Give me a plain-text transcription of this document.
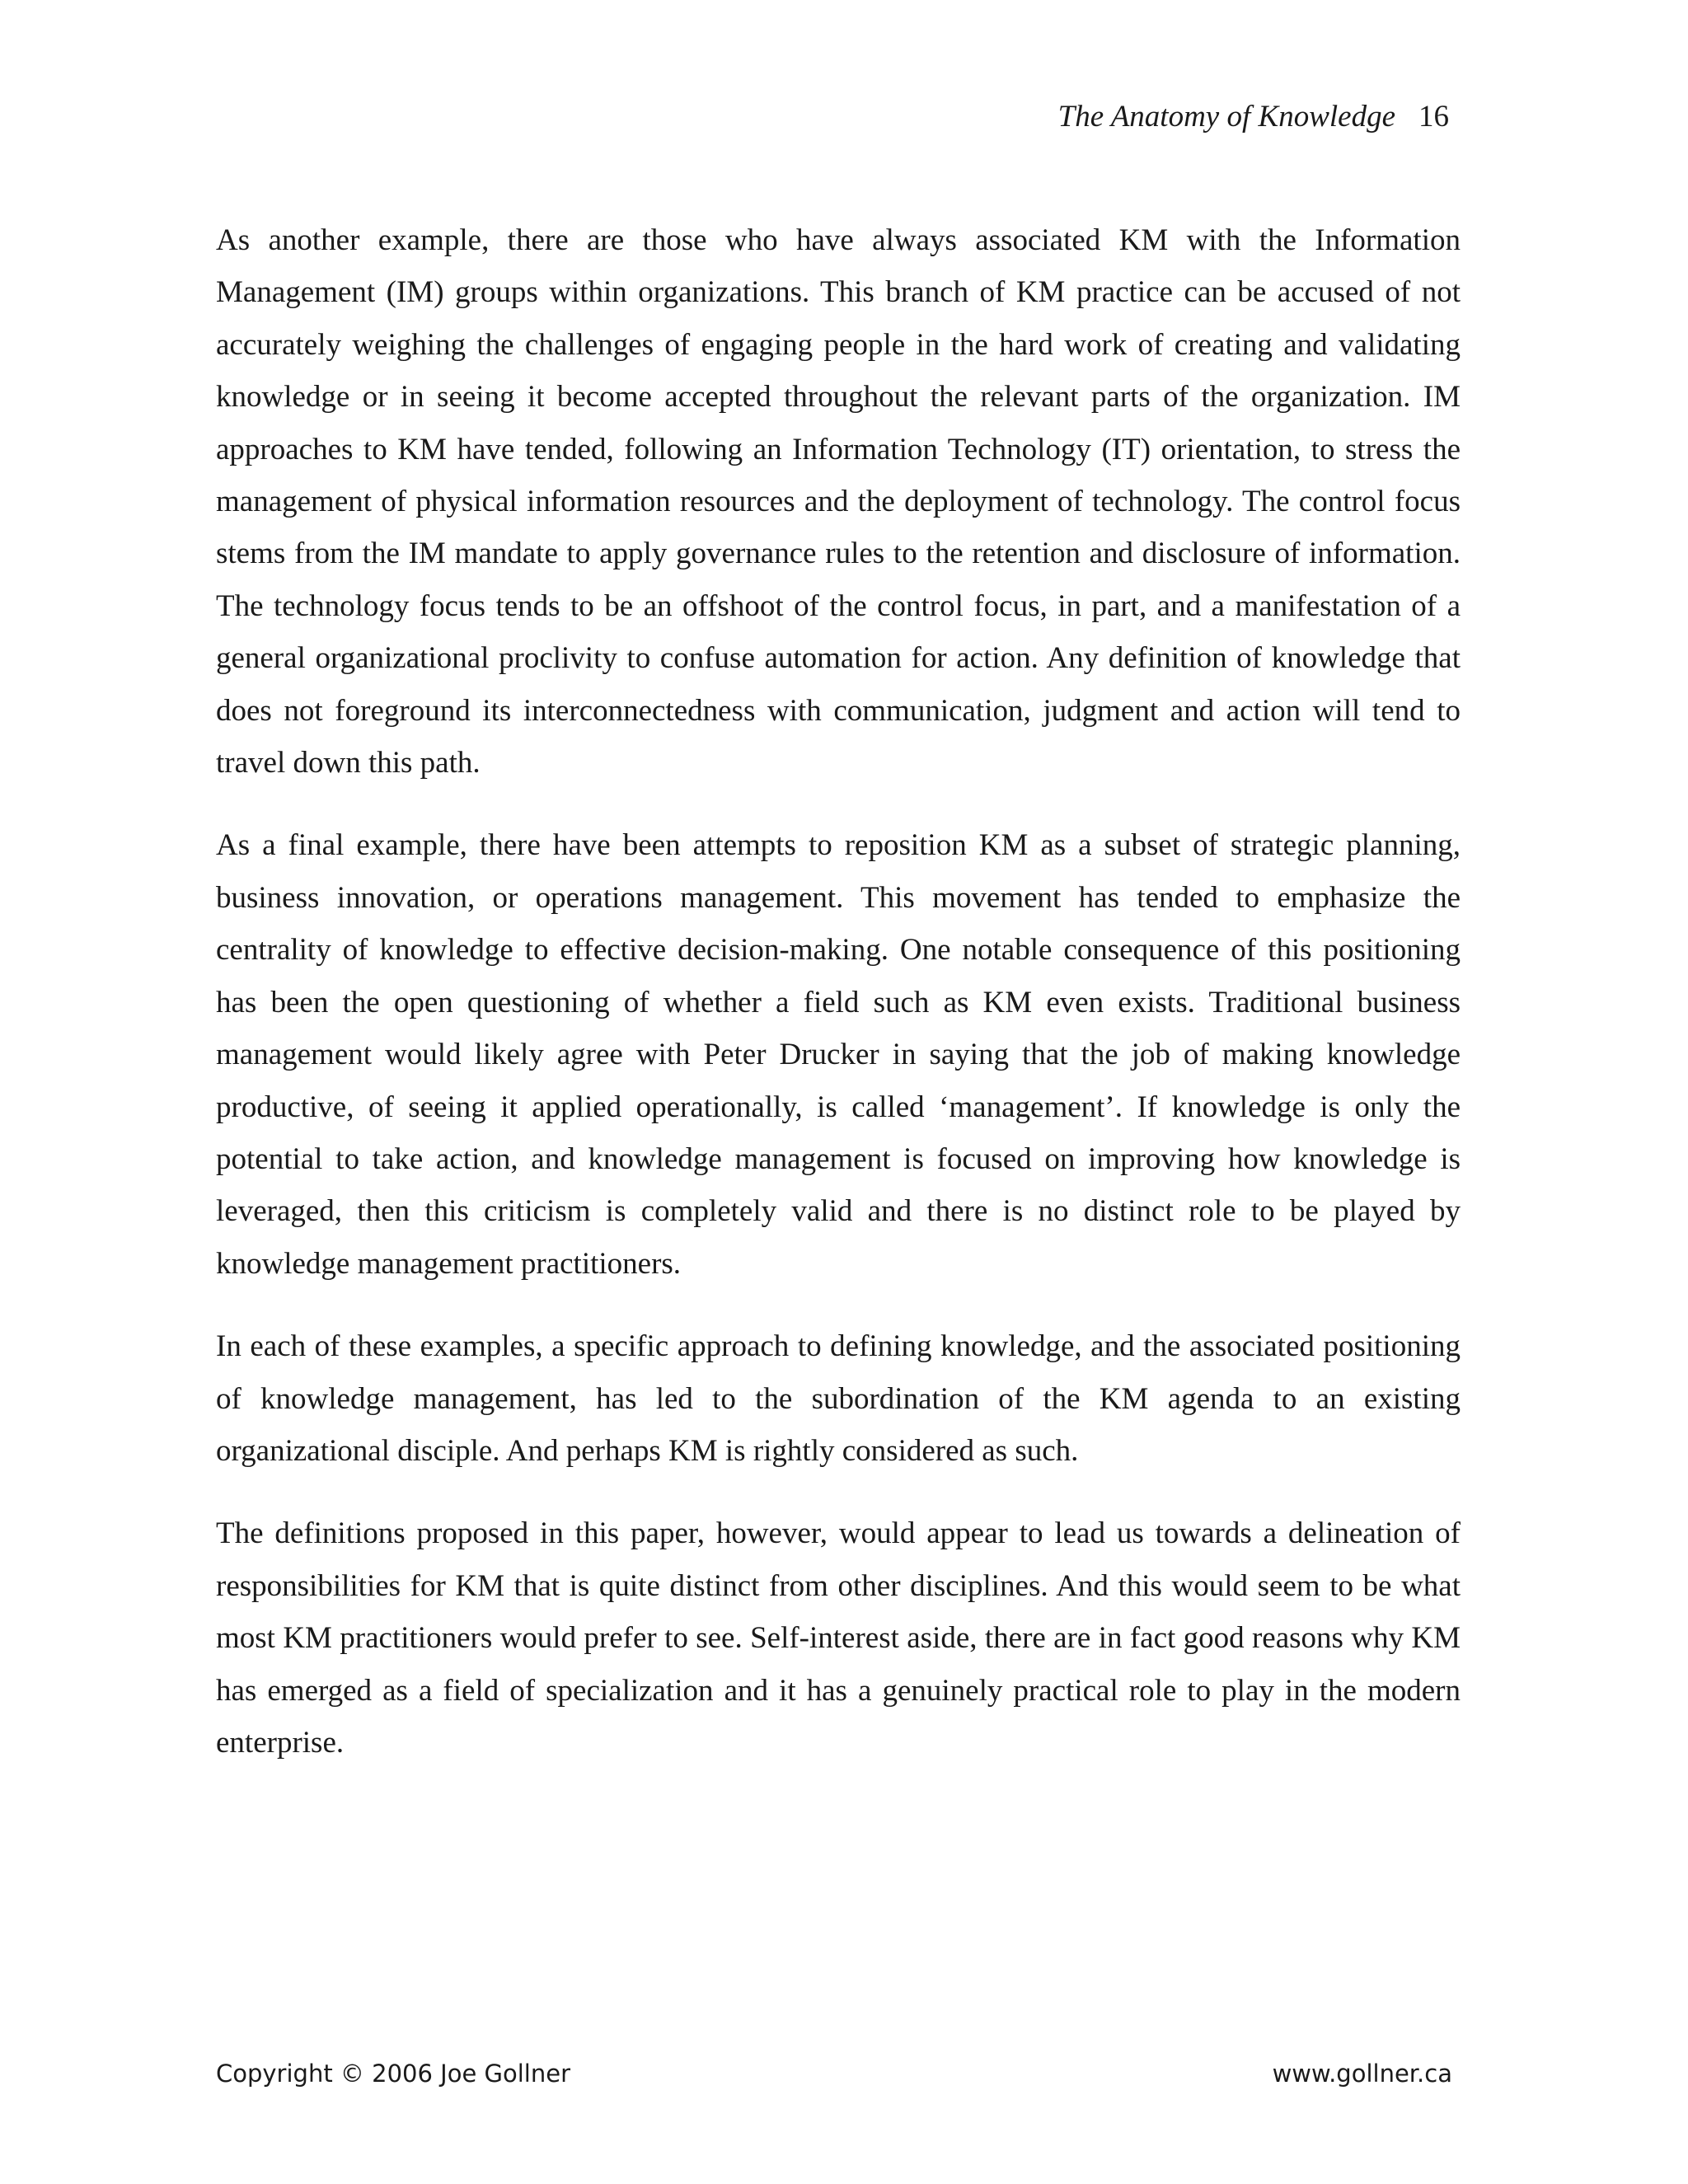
The Anatomy of Knowledge 16

As another example, there are those who have always associated KM with the Information Management (IM) groups within organizations. This branch of KM practice can be accused of not accurately weighing the challenges of engaging people in the hard work of creating and validating knowledge or in seeing it become accepted throughout the relevant parts of the organization. IM approaches to KM have tended, following an Information Technology (IT) orientation, to stress the management of physical information resources and the deployment of technology. The control focus stems from the IM mandate to apply governance rules to the retention and disclosure of information. The technology focus tends to be an offshoot of the control focus, in part, and a manifestation of a general organizational proclivity to confuse automation for action. Any definition of knowledge that does not foreground its interconnectedness with communication, judgment and action will tend to travel down this path.

As a final example, there have been attempts to reposition KM as a subset of strategic planning, business innovation, or operations management. This movement has tended to emphasize the centrality of knowledge to effective decision-making. One notable consequence of this positioning has been the open questioning of whether a field such as KM even exists. Traditional business management would likely agree with Peter Drucker in saying that the job of making knowledge productive, of seeing it applied operationally, is called ‘management’. If knowledge is only the potential to take action, and knowledge management is focused on improving how knowledge is leveraged, then this criticism is completely valid and there is no distinct role to be played by knowledge management practitioners.

In each of these examples, a specific approach to defining knowledge, and the associated positioning of knowledge management, has led to the subordination of the KM agenda to an existing organizational disciple. And perhaps KM is rightly considered as such.

The definitions proposed in this paper, however, would appear to lead us towards a delineation of responsibilities for KM that is quite distinct from other disciplines. And this would seem to be what most KM practitioners would prefer to see. Self-interest aside, there are in fact good reasons why KM has emerged as a field of specialization and it has a genuinely practical role to play in the modern enterprise.

Copyright © 2006 Joe Gollner	www.gollner.ca
